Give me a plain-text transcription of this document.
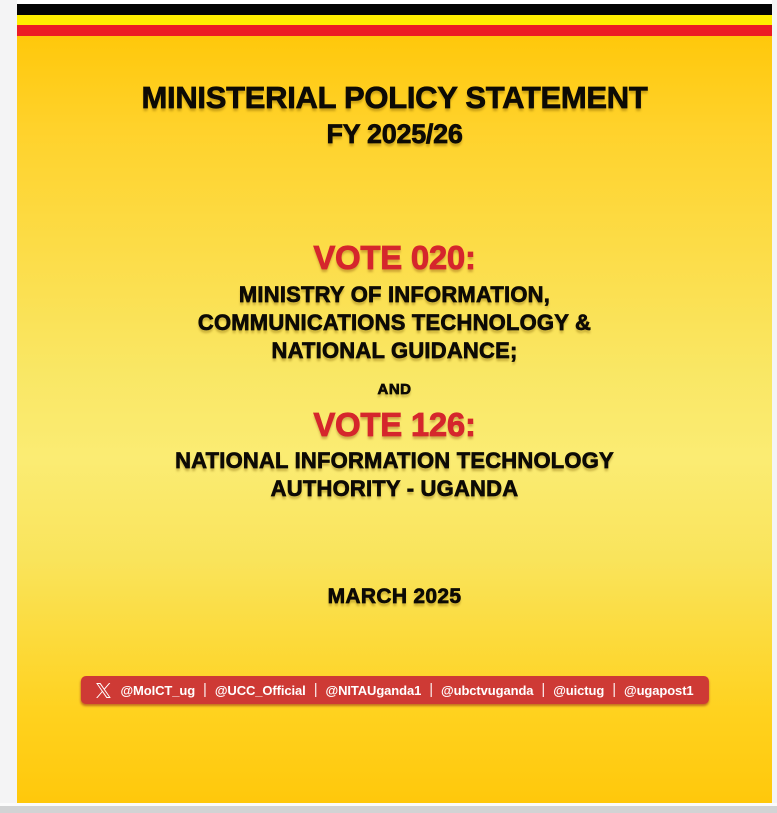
MINISTERIAL POLICY STATEMENT
FY 2025/26
VOTE 020:
MINISTRY OF INFORMATION,
COMMUNICATIONS TECHNOLOGY &
NATIONAL GUIDANCE;
AND
VOTE 126:
NATIONAL INFORMATION TECHNOLOGY
AUTHORITY - UGANDA
MARCH 2025
@MoICT_ug | @UCC_Official | @NITAUganda1 | @ubctvuganda | @uictug | @ugapost1
